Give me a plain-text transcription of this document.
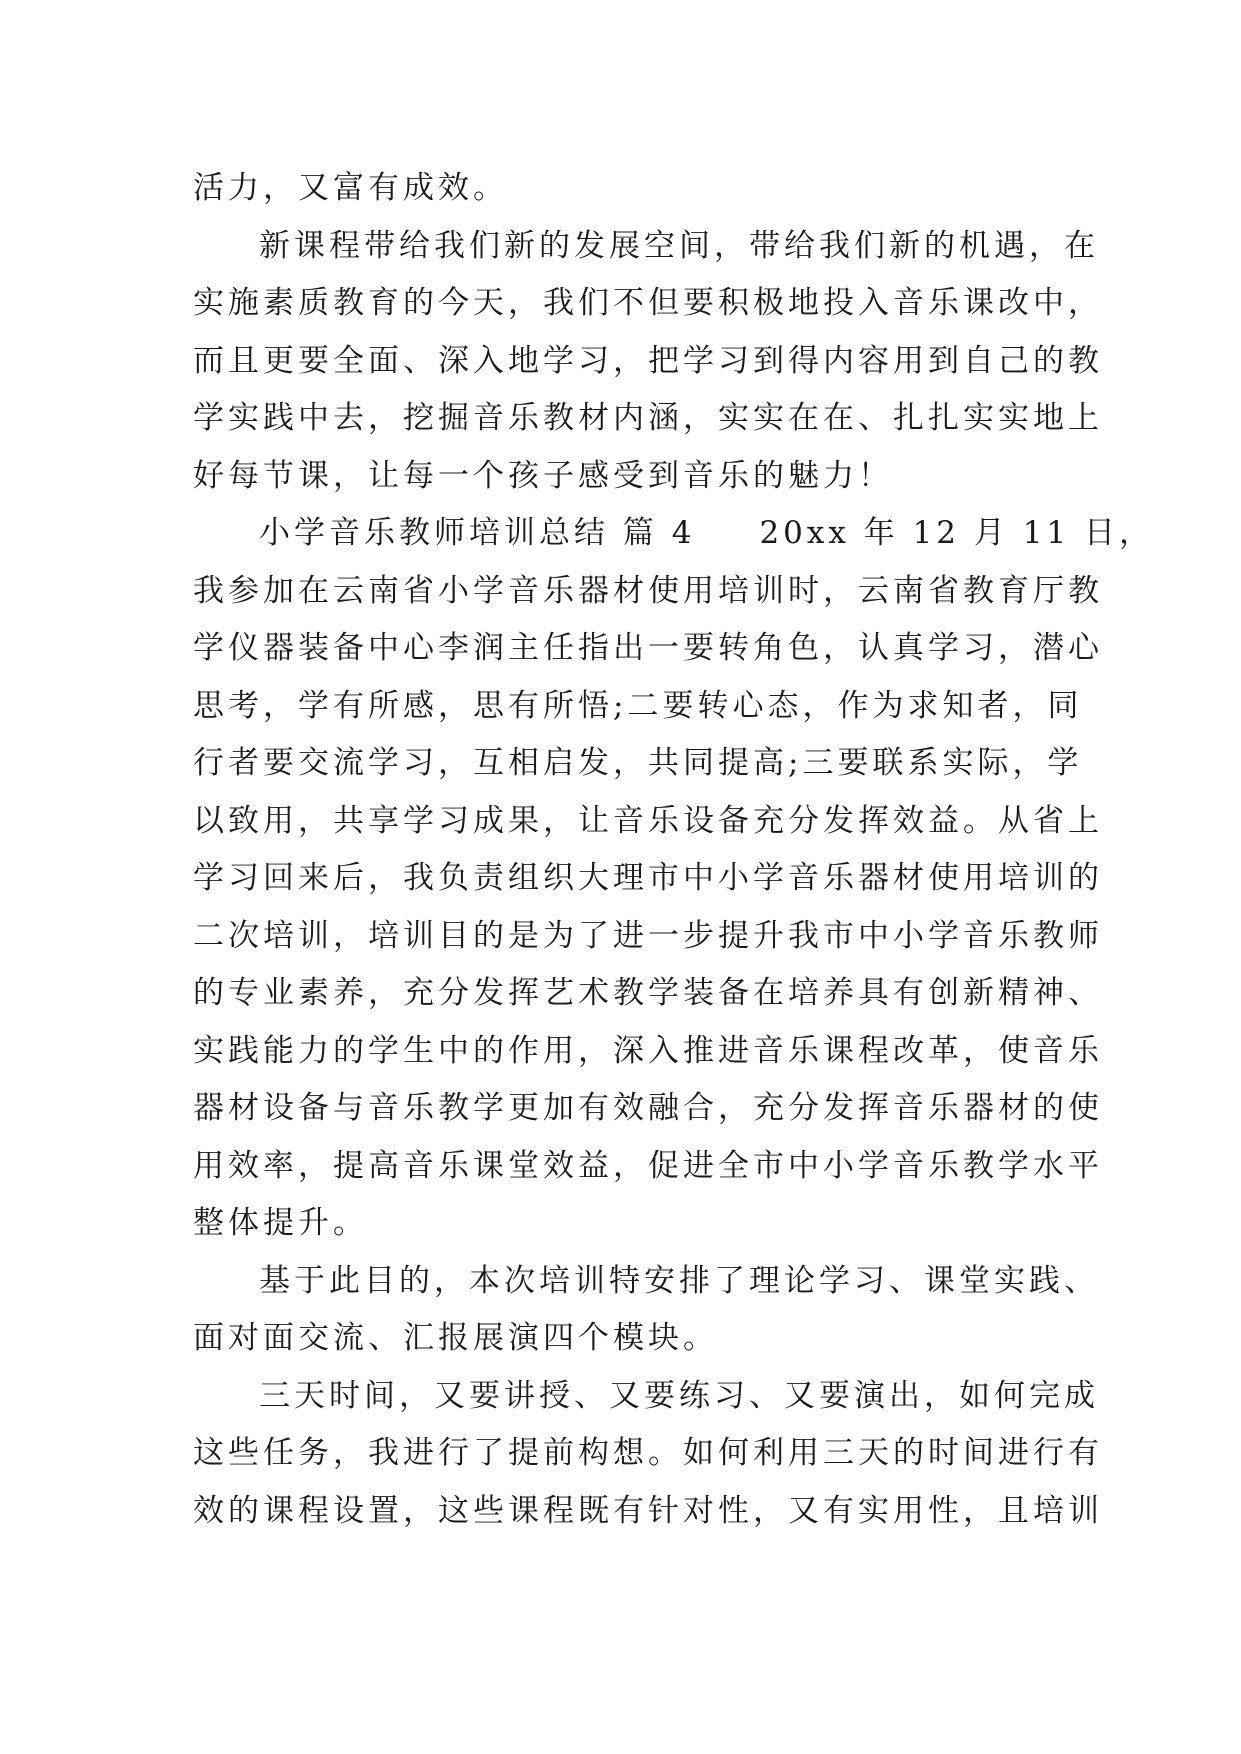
活力，又富有成效。
新课程带给我们新的发展空间，带给我们新的机遇，在
实施素质教育的今天，我们不但要积极地投入音乐课改中，
而且更要全面、深入地学习，把学习到得内容用到自己的教
学实践中去，挖掘音乐教材内涵，实实在在、扎扎实实地上
好每节课，让每一个孩子感受到音乐的魅力！
小学音乐教师培训总结 篇 4 20xx 年 12 月 11 日，
我参加在云南省小学音乐器材使用培训时，云南省教育厅教
学仪器装备中心李润主任指出一要转角色，认真学习，潜心
思考，学有所感，思有所悟;二要转心态，作为求知者，同
行者要交流学习，互相启发，共同提高;三要联系实际，学
以致用，共享学习成果，让音乐设备充分发挥效益。从省上
学习回来后，我负责组织大理市中小学音乐器材使用培训的
二次培训，培训目的是为了进一步提升我市中小学音乐教师
的专业素养，充分发挥艺术教学装备在培养具有创新精神、
实践能力的学生中的作用，深入推进音乐课程改革，使音乐
器材设备与音乐教学更加有效融合，充分发挥音乐器材的使
用效率，提高音乐课堂效益，促进全市中小学音乐教学水平
整体提升。
基于此目的，本次培训特安排了理论学习、课堂实践、
面对面交流、汇报展演四个模块。
三天时间，又要讲授、又要练习、又要演出，如何完成
这些任务，我进行了提前构想。如何利用三天的时间进行有
效的课程设置，这些课程既有针对性，又有实用性，且培训
